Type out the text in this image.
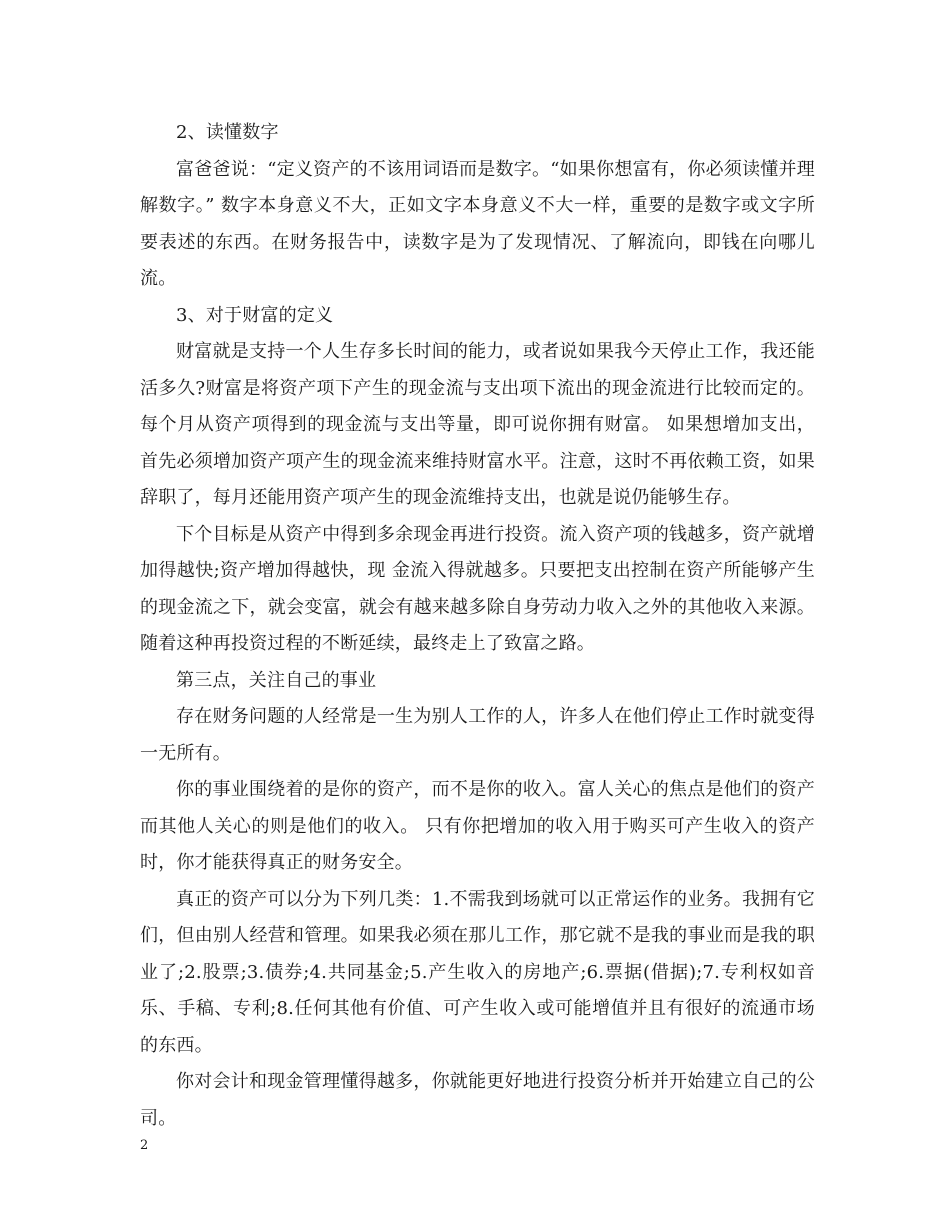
2、读懂数字

富爸爸说：“定义资产的不该用词语而是数字。“如果你想富有，你必须读懂并理解数字。” 数字本身意义不大，正如文字本身意义不大一样，重要的是数字或文字所要表述的东西。在财务报告中，读数字是为了发现情况、了解流向，即钱在向哪儿流。

3、对于财富的定义

财富就是支持一个人生存多长时间的能力，或者说如果我今天停止工作，我还能活多久?财富是将资产项下产生的现金流与支出项下流出的现金流进行比较而定的。每个月从资产项得到的现金流与支出等量，即可说你拥有财富。 如果想增加支出，首先必须增加资产项产生的现金流来维持财富水平。注意，这时不再依赖工资，如果辞职了，每月还能用资产项产生的现金流维持支出，也就是说仍能够生存。

下个目标是从资产中得到多余现金再进行投资。流入资产项的钱越多，资产就增加得越快;资产增加得越快，现 金流入得就越多。只要把支出控制在资产所能够产生的现金流之下，就会变富，就会有越来越多除自身劳动力收入之外的其他收入来源。 随着这种再投资过程的不断延续，最终走上了致富之路。

第三点，关注自己的事业

存在财务问题的人经常是一生为别人工作的人，许多人在他们停止工作时就变得一无所有。

你的事业围绕着的是你的资产，而不是你的收入。富人关心的焦点是他们的资产而其他人关心的则是他们的收入。 只有你把增加的收入用于购买可产生收入的资产时，你才能获得真正的财务安全。

真正的资产可以分为下列几类：1.不需我到场就可以正常运作的业务。我拥有它们，但由别人经营和管理。如果我必须在那儿工作，那它就不是我的事业而是我的职业了;2.股票;3.债券;4.共同基金;5.产生收入的房地产;6.票据(借据);7.专利权如音乐、手稿、专利;8.任何其他有价值、可产生收入或可能增值并且有很好的流通市场的东西。

你对会计和现金管理懂得越多，你就能更好地进行投资分析并开始建立自己的公司。

2
